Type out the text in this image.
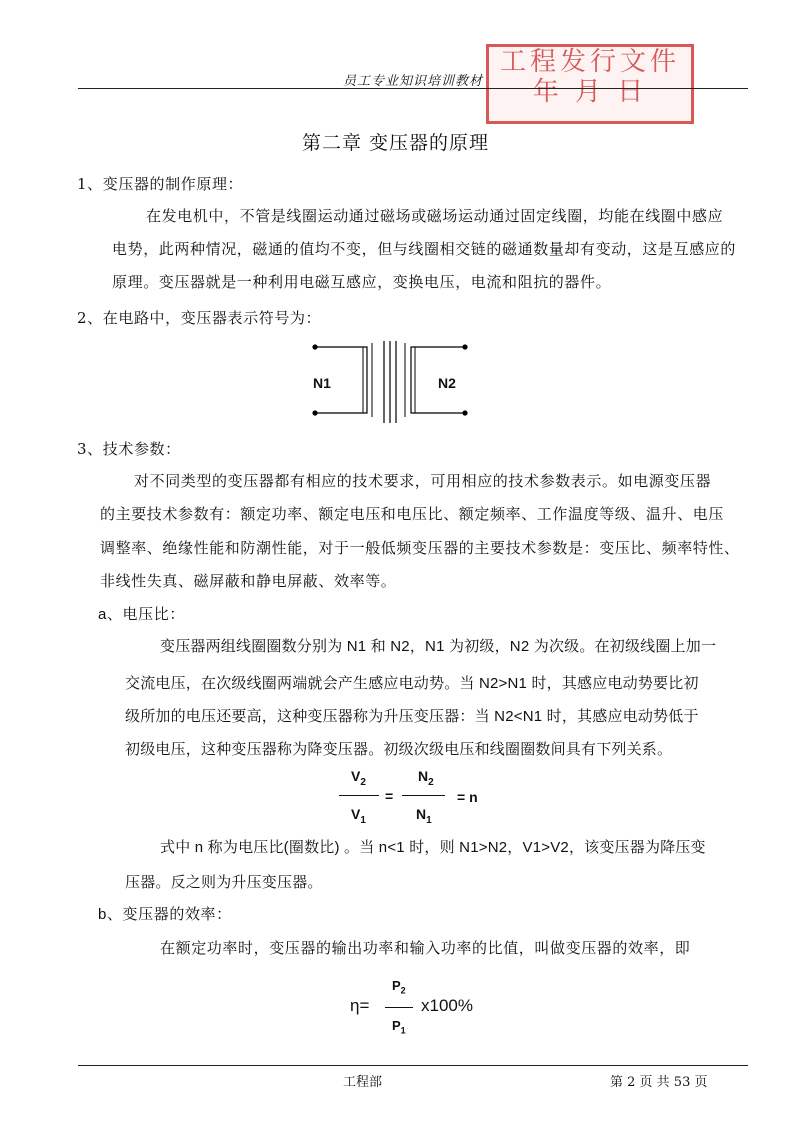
员工专业知识培训教材
工程发行文件
年 月 日
第二章 变压器的原理
1、变压器的制作原理：
在发电机中，不管是线圈运动通过磁场或磁场运动通过固定线圈，均能在线圈中感应
电势，此两种情况，磁通的值均不变，但与线圈相交链的磁通数量却有变动，这是互感应的
原理。变压器就是一种利用电磁互感应，变换电压，电流和阻抗的器件。
2、在电路中，变压器表示符号为：
N1	N2
3、技术参数：
对不同类型的变压器都有相应的技术要求，可用相应的技术参数表示。如电源变压器
的主要技术参数有：额定功率、额定电压和电压比、额定频率、工作温度等级、温升、电压
调整率、绝缘性能和防潮性能，对于一般低频变压器的主要技术参数是：变压比、频率特性、
非线性失真、磁屏蔽和静电屏蔽、效率等。
a、电压比：
变压器两组线圈圈数分别为 N1 和 N2，N1 为初级，N2 为次级。在初级线圈上加一
交流电压，在次级线圈两端就会产生感应电动势。当 N2>N1 时，其感应电动势要比初
级所加的电压还要高，这种变压器称为升压变压器：当 N2<N1 时，其感应电动势低于
初级电压，这种变压器称为降变压器。初级次级电压和线圈圈数间具有下列关系。
$V_2$
$V_1$
=
$N_2$
$N_1$
= n
式中 n 称为电压比(圈数比) 。当 n<1 时，则 N1>N2，V1>V2，该变压器为降压变
压器。反之则为升压变压器。
b、变压器的效率：
在额定功率时，变压器的输出功率和输入功率的比值，叫做变压器的效率，即
η=
$P_2$
$P_1$
x100%
工程部	第 2 页 共 53 页
